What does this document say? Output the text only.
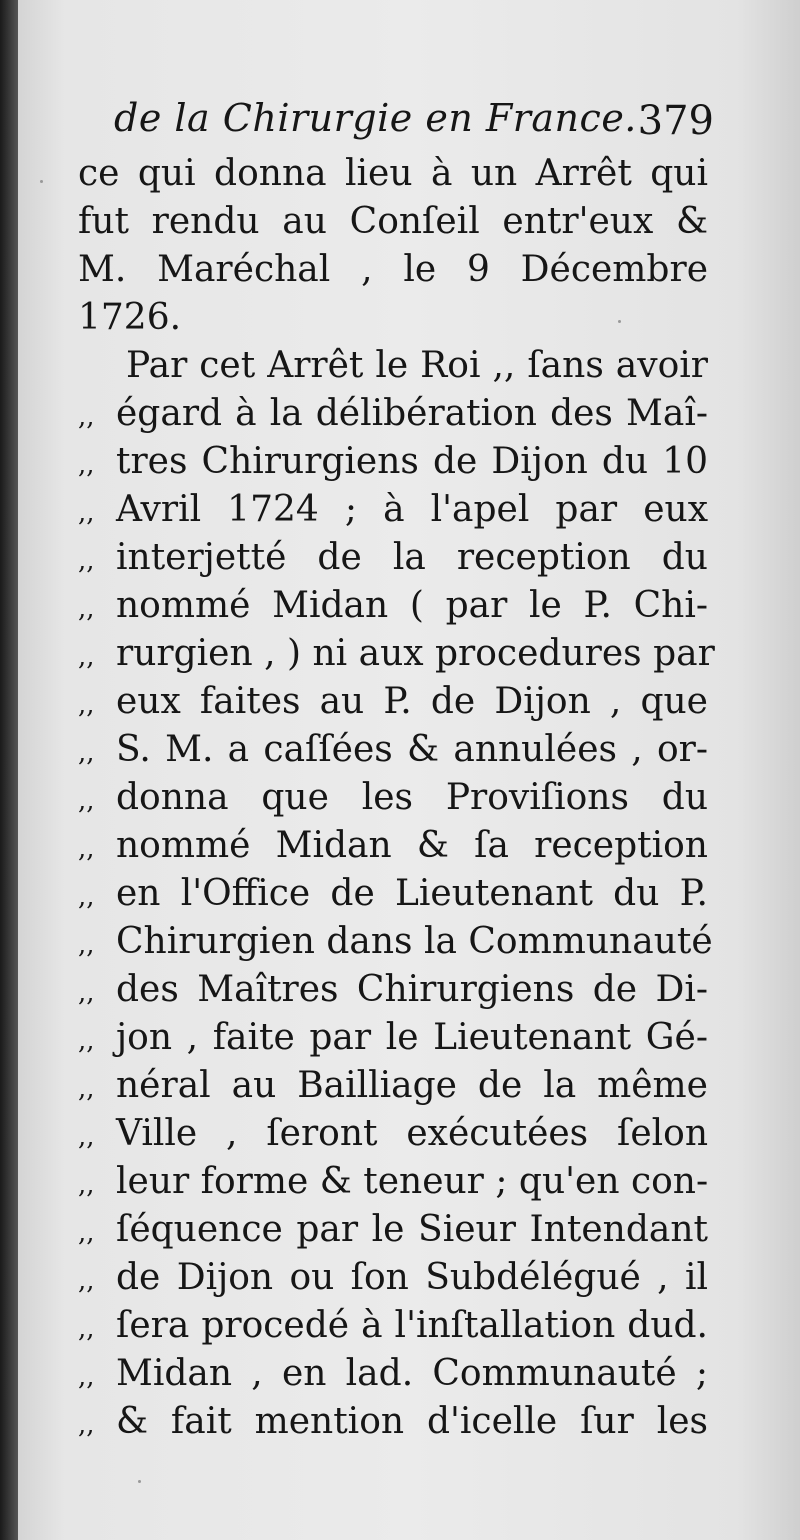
de la Chirurgie en France. 379
ce qui donna lieu à un Arrêt qui
fut rendu au Conſeil entr'eux &
M. Maréchal , le 9 Décembre
1726.
Par cet Arrêt le Roi ,, ſans avoir
,, égard à la délibération des Maî-
,, tres Chirurgiens de Dijon du 10
,, Avril 1724 ; à l'apel par eux
,, interjetté de la reception du
,, nommé Midan ( par le P. Chi-
,, rurgien , ) ni aux procedures par
,, eux faites au P. de Dijon , que
,, S. M. a caſſées & annulées , or-
,, donna que les Proviſions du
,, nommé Midan & ſa reception
,, en l'Office de Lieutenant du P.
,, Chirurgien dans la Communauté
,, des Maîtres Chirurgiens de Di-
,, jon , faite par le Lieutenant Gé-
,, néral au Bailliage de la même
,, Ville , ſeront exécutées ſelon
,, leur forme & teneur ; qu'en con-
,, ſéquence par le Sieur Intendant
,, de Dijon ou ſon Subdélégué , il
,, ſera procedé à l'inſtallation dud.
,, Midan , en lad. Communauté ;
,, & fait mention d'icelle ſur les
